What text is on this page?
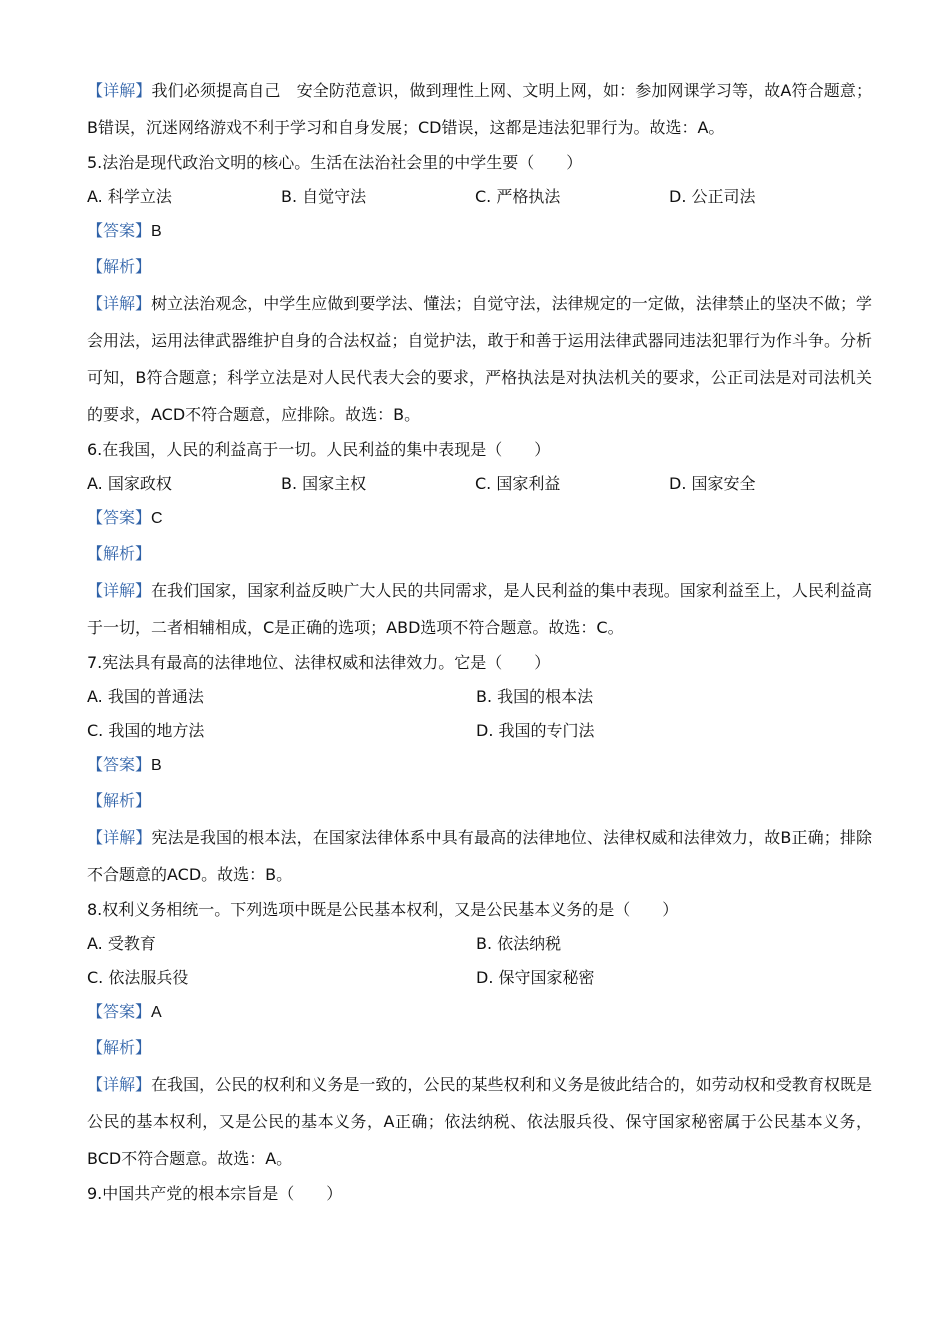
【详解】我们必须提高自己　安全防范意识，做到理性上网、文明上网，如：参加网课学习等，故A符合题意；B错误，沉迷网络游戏不利于学习和自身发展；CD错误，这都是违法犯罪行为。故选：A。

5.法治是现代政治文明的核心。生活在法治社会里的中学生要（　　）

A. 科学立法	B. 自觉守法	C. 严格执法	D. 公正司法

【答案】B

【解析】

【详解】树立法治观念，中学生应做到要学法、懂法；自觉守法，法律规定的一定做，法律禁止的坚决不做；学会用法，运用法律武器维护自身的合法权益；自觉护法，敢于和善于运用法律武器同违法犯罪行为作斗争。分析可知，B符合题意；科学立法是对人民代表大会的要求，严格执法是对执法机关的要求，公正司法是对司法机关的要求，ACD不符合题意，应排除。故选：B。

6.在我国，人民的利益高于一切。人民利益的集中表现是（　　）

A. 国家政权	B. 国家主权	C. 国家利益	D. 国家安全

【答案】C

【解析】

【详解】在我们国家，国家利益反映广大人民的共同需求，是人民利益的集中表现。国家利益至上，人民利益高于一切，二者相辅相成，C是正确的选项；ABD选项不符合题意。故选：C。

7.宪法具有最高的法律地位、法律权威和法律效力。它是（　　）

A. 我国的普通法	B. 我国的根本法
C. 我国的地方法	D. 我国的专门法

【答案】B

【解析】

【详解】宪法是我国的根本法，在国家法律体系中具有最高的法律地位、法律权威和法律效力，故B正确；排除不合题意的ACD。故选：B。

8.权利义务相统一。下列选项中既是公民基本权利，又是公民基本义务的是（　　）

A. 受教育	B. 依法纳税
C. 依法服兵役	D. 保守国家秘密

【答案】A

【解析】

【详解】在我国，公民的权利和义务是一致的，公民的某些权利和义务是彼此结合的，如劳动权和受教育权既是公民的基本权利，又是公民的基本义务，A正确；依法纳税、依法服兵役、保守国家秘密属于公民基本义务，BCD不符合题意。故选：A。

9.中国共产党的根本宗旨是（　　）
